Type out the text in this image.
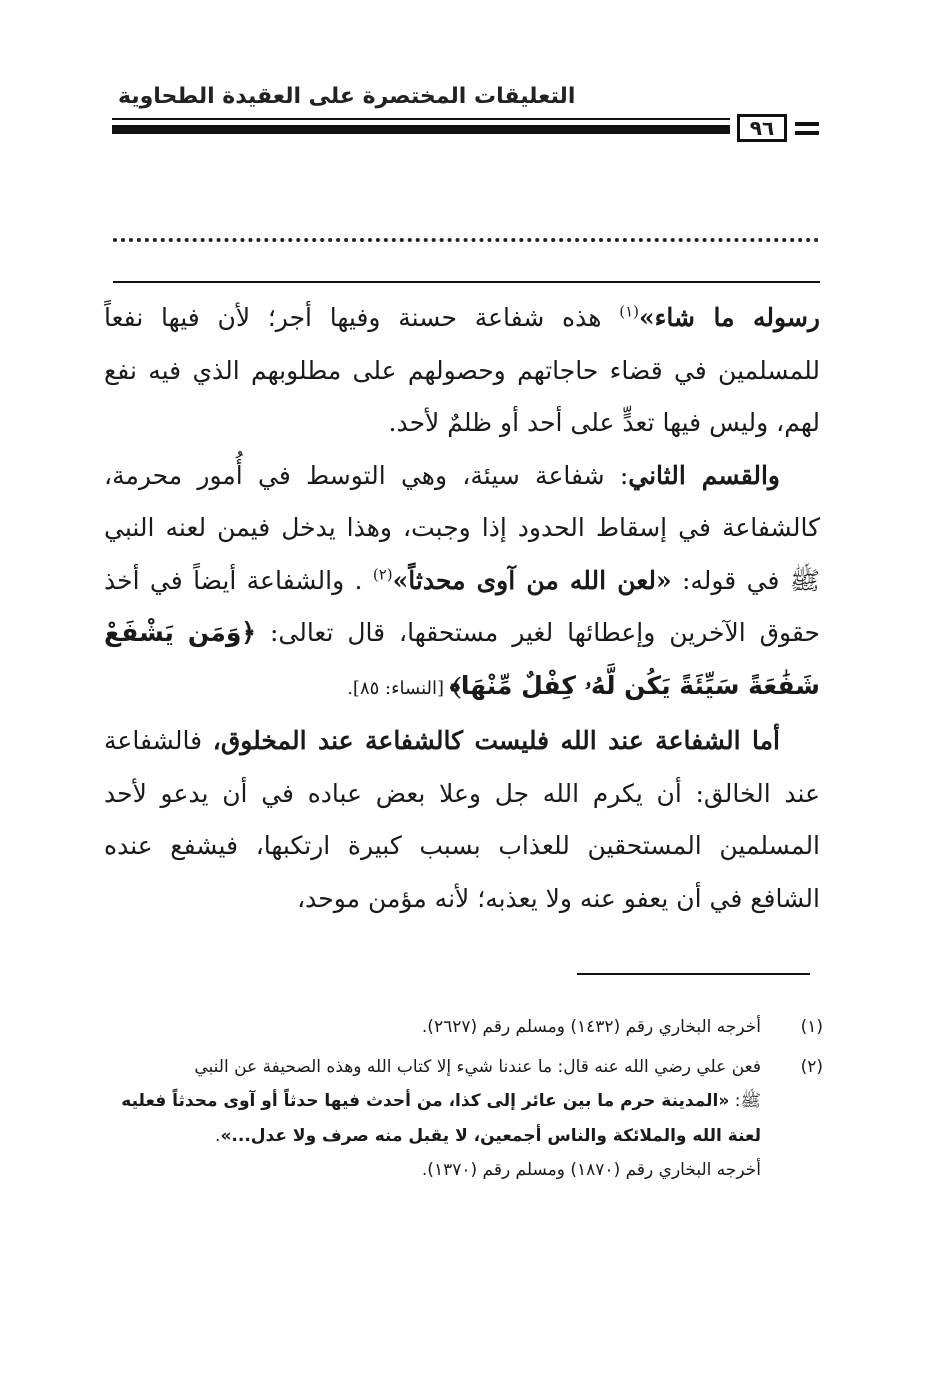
التعليقات المختصرة على العقيدة الطحاوية
٩٦

رسوله ما شاء»$^{(١)}$ هذه شفاعة حسنة وفيها أجر؛ لأن فيها نفعاً للمسلمين في قضاء حاجاتهم وحصولهم على مطلوبهم الذي فيه نفع لهم، وليس فيها تعدٍّ على أحد أو ظلمٌ لأحد.

والقسم الثاني: شفاعة سيئة، وهي التوسط في أُمور محرمة، كالشفاعة في إسقاط الحدود إذا وجبت، وهذا يدخل فيمن لعنه النبي ﷺ في قوله: «لعن الله من آوى محدثاً»$^{(٢)}$ . والشفاعة أيضاً في أخذ حقوق الآخرين وإعطائها لغير مستحقها، قال تعالى: ﴿وَمَن يَشْفَعْ شَفَٰعَةً سَيِّئَةً يَكُن لَّهُۥ كِفْلٌ مِّنْهَا﴾ [النساء: ٨٥].

أما الشفاعة عند الله فليست كالشفاعة عند المخلوق، فالشفاعة عند الخالق: أن يكرم الله جل وعلا بعض عباده في أن يدعو لأحد المسلمين المستحقين للعذاب بسبب كبيرة ارتكبها، فيشفع عنده الشافع في أن يعفو عنه ولا يعذبه؛ لأنه مؤمن موحد،

(١)
أخرجه البخاري رقم (١٤٣٢) ومسلم رقم (٢٦٢٧).
(٢)
فعن علي رضي الله عنه قال: ما عندنا شيء إلا كتاب الله وهذه الصحيفة عن النبي
ﷺ: «المدينة حرم ما بين عائر إلى كذا، من أحدث فيها حدثاً أو آوى محدثاً فعليه
لعنة الله والملائكة والناس أجمعين، لا يقبل منه صرف ولا عدل...».
أخرجه البخاري رقم (١٨٧٠) ومسلم رقم (١٣٧٠).
